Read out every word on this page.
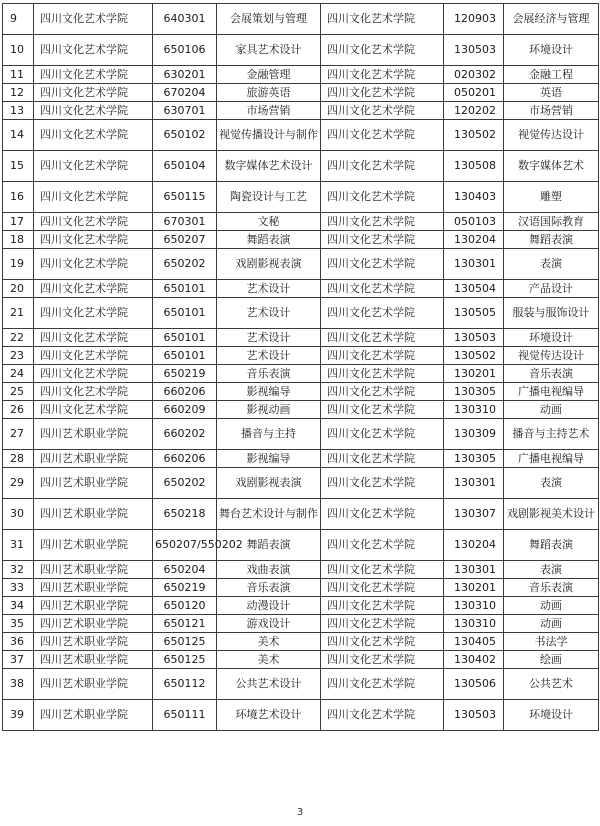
9	四川文化艺术学院	640301	会展策划与管理	四川文化艺术学院	120903	会展经济与管理
10	四川文化艺术学院	650106	家具艺术设计	四川文化艺术学院	130503	环境设计
11	四川文化艺术学院	630201	金融管理	四川文化艺术学院	020302	金融工程
12	四川文化艺术学院	670204	旅游英语	四川文化艺术学院	050201	英语
13	四川文化艺术学院	630701	市场营销	四川文化艺术学院	120202	市场营销
14	四川文化艺术学院	650102	视觉传播设计与制作	四川文化艺术学院	130502	视觉传达设计
15	四川文化艺术学院	650104	数字媒体艺术设计	四川文化艺术学院	130508	数字媒体艺术
16	四川文化艺术学院	650115	陶瓷设计与工艺	四川文化艺术学院	130403	雕塑
17	四川文化艺术学院	670301	文秘	四川文化艺术学院	050103	汉语国际教育
18	四川文化艺术学院	650207	舞蹈表演	四川文化艺术学院	130204	舞蹈表演
19	四川文化艺术学院	650202	戏剧影视表演	四川文化艺术学院	130301	表演
20	四川文化艺术学院	650101	艺术设计	四川文化艺术学院	130504	产品设计
21	四川文化艺术学院	650101	艺术设计	四川文化艺术学院	130505	服装与服饰设计
22	四川文化艺术学院	650101	艺术设计	四川文化艺术学院	130503	环境设计
23	四川文化艺术学院	650101	艺术设计	四川文化艺术学院	130502	视觉传达设计
24	四川文化艺术学院	650219	音乐表演	四川文化艺术学院	130201	音乐表演
25	四川文化艺术学院	660206	影视编导	四川文化艺术学院	130305	广播电视编导
26	四川文化艺术学院	660209	影视动画	四川文化艺术学院	130310	动画
27	四川艺术职业学院	660202	播音与主持	四川文化艺术学院	130309	播音与主持艺术
28	四川艺术职业学院	660206	影视编导	四川文化艺术学院	130305	广播电视编导
29	四川艺术职业学院	650202	戏剧影视表演	四川文化艺术学院	130301	表演
30	四川艺术职业学院	650218	舞台艺术设计与制作	四川文化艺术学院	130307	戏剧影视美术设计
31	四川艺术职业学院	650207/550202	舞蹈表演	四川文化艺术学院	130204	舞蹈表演
32	四川艺术职业学院	650204	戏曲表演	四川文化艺术学院	130301	表演
33	四川艺术职业学院	650219	音乐表演	四川文化艺术学院	130201	音乐表演
34	四川艺术职业学院	650120	动漫设计	四川文化艺术学院	130310	动画
35	四川艺术职业学院	650121	游戏设计	四川文化艺术学院	130310	动画
36	四川艺术职业学院	650125	美术	四川文化艺术学院	130405	书法学
37	四川艺术职业学院	650125	美术	四川文化艺术学院	130402	绘画
38	四川艺术职业学院	650112	公共艺术设计	四川文化艺术学院	130506	公共艺术
39	四川艺术职业学院	650111	环境艺术设计	四川文化艺术学院	130503	环境设计
3
